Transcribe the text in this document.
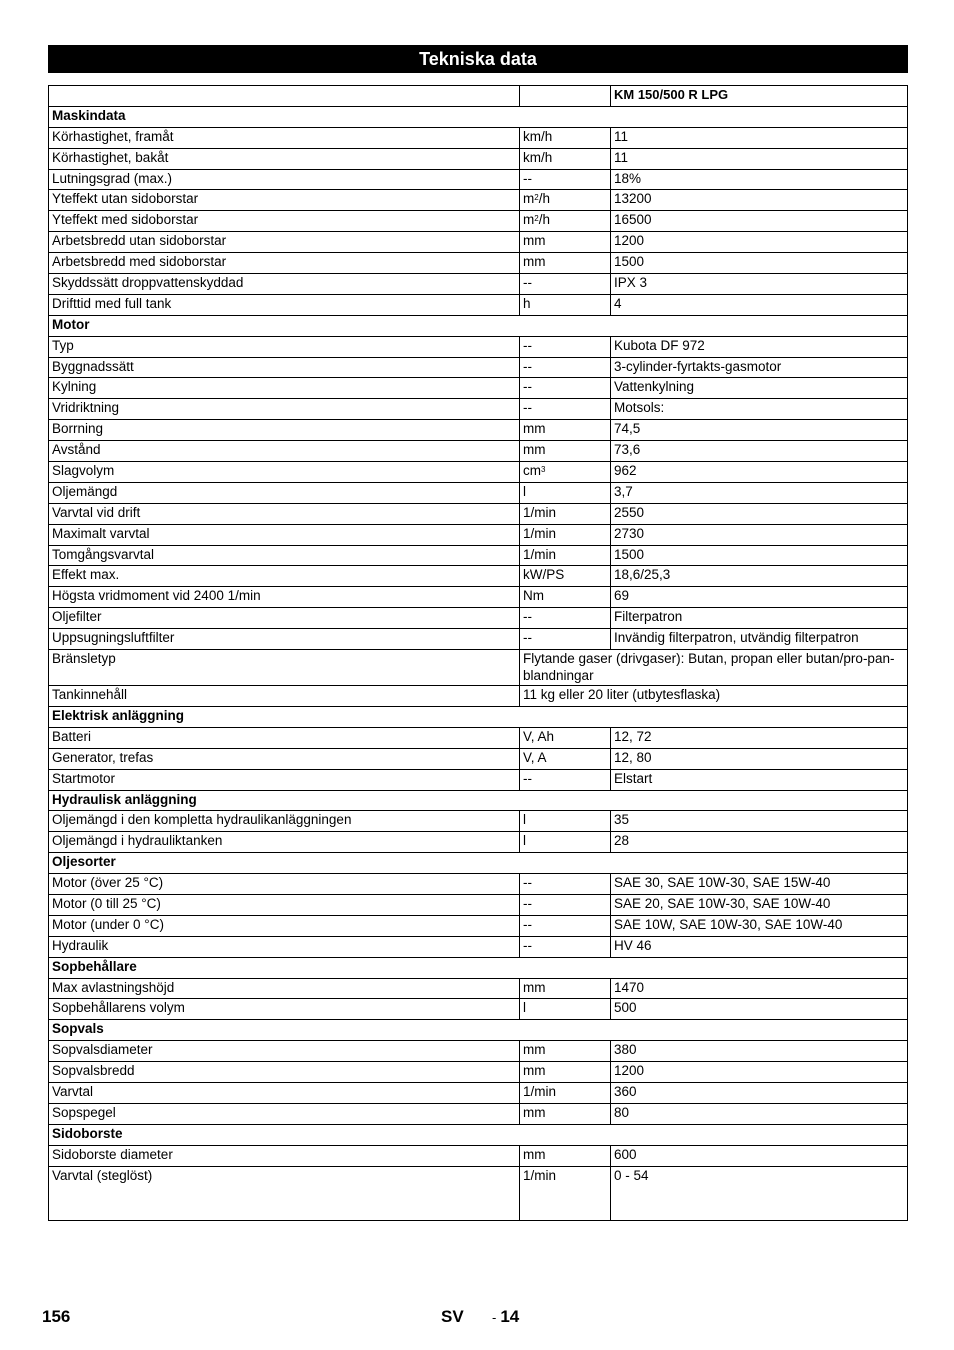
Tekniska data
		KM 150/500 R LPG
Maskindata		
Körhastighet, framåt	km/h	11
Körhastighet, bakåt	km/h	11
Lutningsgrad (max.)	--	18%
Yteffekt utan sidoborstar	$m^2/h$	13200
Yteffekt med sidoborstar	$m^2/h$	16500
Arbetsbredd utan sidoborstar	mm	1200
Arbetsbredd med sidoborstar	mm	1500
Skyddssätt droppvattenskyddad	--	IPX 3
Drifttid med full tank	h	4
Motor		
Typ	--	Kubota DF 972
Byggnadssätt	--	3-cylinder-fyrtakts-gasmotor
Kylning	--	Vattenkylning
Vridriktning	--	Motsols:
Borrning	mm	74,5
Avstånd	mm	73,6
Slagvolym	$cm^3$	962
Oljemängd	l	3,7
Varvtal vid drift	1/min	2550
Maximalt varvtal	1/min	2730
Tomgångsvarvtal	1/min	1500
Effekt max.	kW/PS	18,6/25,3
Högsta vridmoment vid 2400 1/min	Nm	69
Oljefilter	--	Filterpatron
Uppsugningsluftfilter	--	Invändig filterpatron, utvändig filterpatron
Bränsletyp	Flytande gaser (drivgaser): Butan, propan eller butan/pro-pan-blandningar	
Tankinnehåll	11 kg eller 20 liter (utbytesflaska)	
Elektrisk anläggning		
Batteri	V, Ah	12, 72
Generator, trefas	V, A	12, 80
Startmotor	--	Elstart
Hydraulisk anläggning		
Oljemängd i den kompletta hydraulikanläggningen	l	35
Oljemängd i hydrauliktanken	l	28
Oljesorter		
Motor (över 25 °C)	--	SAE 30, SAE 10W-30, SAE 15W-40
Motor (0 till 25 °C)	--	SAE 20, SAE 10W-30, SAE 10W-40
Motor (under 0 °C)	--	SAE 10W, SAE 10W-30, SAE 10W-40
Hydraulik	--	HV 46
Sopbehållare		
Max avlastningshöjd	mm	1470
Sopbehållarens volym	l	500
Sopvals		
Sopvalsdiameter	mm	380
Sopvalsbredd	mm	1200
Varvtal	1/min	360
Sopspegel	mm	80
Sidoborste		
Sidoborste diameter	mm	600
Varvtal (steglöst)	1/min	0 - 54
156	SV - 14
